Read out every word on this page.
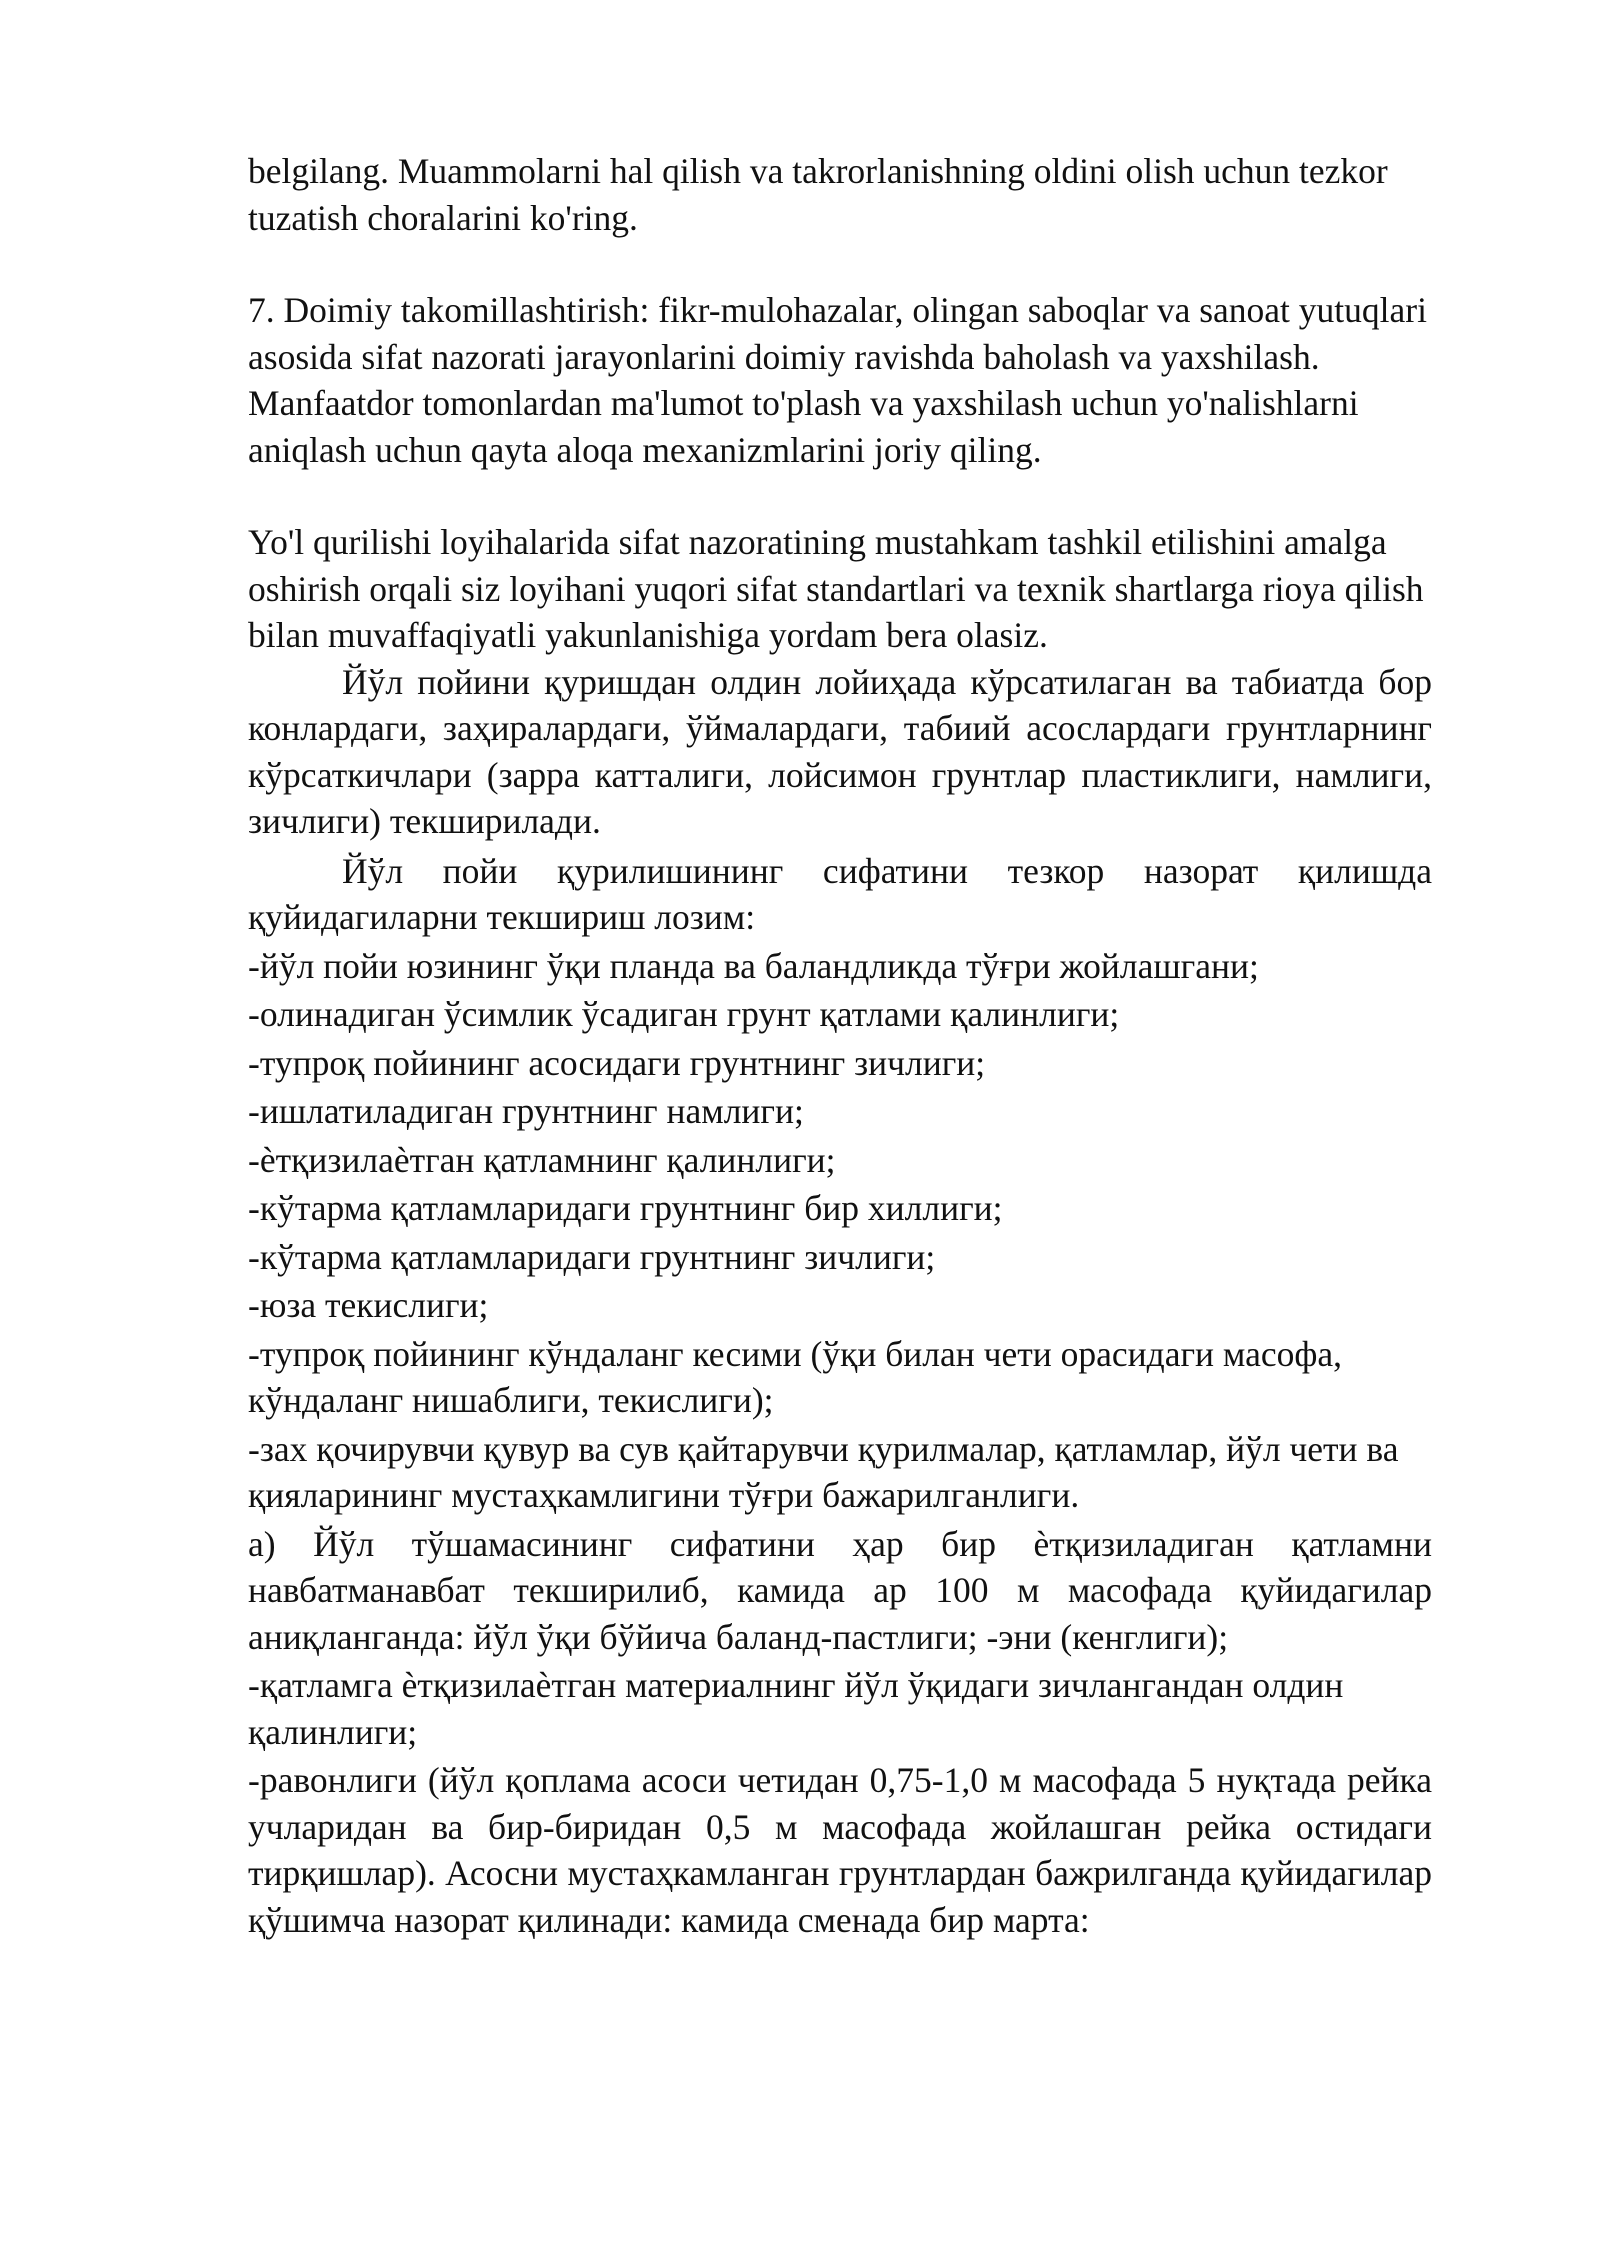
belgilang. Muammolarni hal qilish va takrorlanishning oldini olish uchun tezkor tuzatish choralarini ko'ring.

7. Doimiy takomillashtirish: fikr-mulohazalar, olingan saboqlar va sanoat yutuqlari asosida sifat nazorati jarayonlarini doimiy ravishda baholash va yaxshilash. Manfaatdor tomonlardan ma'lumot to'plash va yaxshilash uchun yo'nalishlarni aniqlash uchun qayta aloqa mexanizmlarini joriy qiling.

Yo'l qurilishi loyihalarida sifat nazoratining mustahkam tashkil etilishini amalga oshirish orqali siz loyihani yuqori sifat standartlari va texnik shartlarga rioya qilish bilan muvaffaqiyatli yakunlanishiga yordam bera olasiz.

Йўл пойини қуришдан олдин лойиҳада кўрсатилаган ва табиатда бор конлардаги, заҳиралардаги, ўймалардаги, табиий асослардаги грунтларнинг кўрсаткичлари (зарра катталиги, лойсимон грунтлар пластиклиги, намлиги, зичлиги) текширилади.

Йўл пойи қурилишининг сифатини тезкор назорат қилишда қуйидагиларни текшириш лозим:

-йўл пойи юзининг ўқи планда ва баландликда тўғри жойлашгани;

-олинадиган ўсимлик ўсадиган грунт қатлами қалинлиги;

-тупроқ пойининг асосидаги грунтнинг зичлиги;

-ишлатиладиган грунтнинг намлиги;

-ѐтқизилаѐтган қатламнинг қалинлиги;

-кўтарма қатламларидаги грунтнинг бир хиллиги;

-кўтарма қатламларидаги грунтнинг зичлиги;

-юза текислиги;

-тупроқ пойининг кўндаланг кесими (ўқи билан чети орасидаги масофа, кўндаланг нишаблиги, текислиги);

-зах қочирувчи қувур ва сув қайтарувчи қурилмалар, қатламлар, йўл чети ва қияларининг мустаҳкамлигини тўғри бажарилганлиги.

а) Йўл тўшамасининг сифатини ҳар бир ѐтқизиладиган қатламни навбатманавбат текширилиб, камида ар 100 м масофада қуйидагилар аниқланганда: йўл ўқи бўйича баланд-пастлиги; -эни (кенглиги);

-қатламга ѐтқизилаѐтган материалнинг йўл ўқидаги зичлангандан олдин қалинлиги;

-равонлиги (йўл қоплама асоси четидан 0,75-1,0 м масофада 5 нуқтада рейка учларидан ва бир-биридан 0,5 м масофада жойлашган рейка остидаги тирқишлар). Асосни мустаҳкамланган грунтлардан бажрилганда қуйидагилар қўшимча назорат қилинади: камида сменада бир марта:
